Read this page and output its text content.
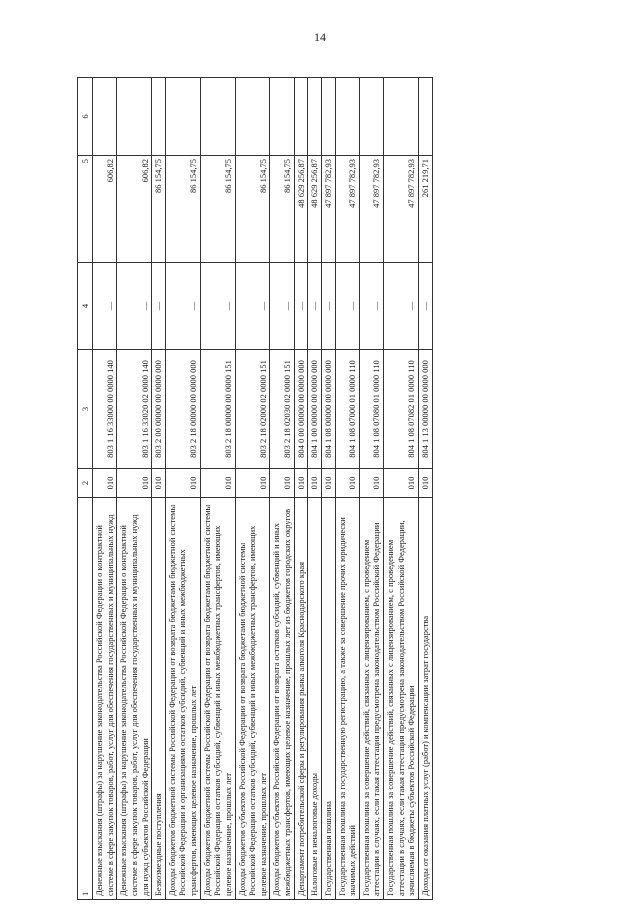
14
1	2	3	4	5	6
Денежные взыскания (штрафы) за нарушение законодательства Российской Федерации о контрактной системе в сфере закупок товаров, работ, услуг для обеспечения государственных и муниципальных нужд	010	803 1 16 33000 00 0000 140	—	606,82	
Денежные взыскания (штрафы) за нарушение законодательства Российской Федерации о контрактной системе в сфере закупок товаров, работ, услуг для обеспечения государственных и муниципальных нужд для нужд субъектов Российской Федерации	010	803 1 16 33020 02 0000 140	—	606,82	
Безвозмездные поступления	010	803 2 00 00000 00 0000 000	—	86 154,75	
Доходы бюджетов бюджетной системы Российской Федерации от возврата бюджетами бюджетной системы Российской Федерации и организациями остатков субсидий, субвенций и иных межбюджетных трансфертов, имеющих целевое назначение, прошлых лет	010	803 2 18 00000 00 0000 000	—	86 154,75	
Доходы бюджетов бюджетной системы Российской Федерации от возврата бюджетами бюджетной системы Российской Федерации остатков субсидий, субвенций и иных межбюджетных трансфертов, имеющих целевое назначение, прошлых лет	010	803 2 18 00000 00 0000 151	—	86 154,75	
Доходы бюджетов субъектов Российской Федерации от возврата бюджетами бюджетной системы Российской Федерации остатков субсидий, субвенций и иных межбюджетных трансфертов, имеющих целевое назначение, прошлых лет	010	803 2 18 02000 02 0000 151	—	86 154,75	
Доходы бюджетов субъектов Российской Федерации от возврата остатков субсидий, субвенций и иных межбюджетных трансфертов, имеющих целевое назначение, прошлых лет из бюджетов городских округов	010	803 2 18 02030 02 0000 151	—	86 154,75	
Департамент потребительской сферы и регулирования рынка алкоголя Краснодарского края	010	804 0 00 00000 00 0000 000	—	48 629 256,87	
Налоговые и неналоговые доходы	010	804 1 00 00000 00 0000 000	—	48 629 256,87	
Государственная пошлина	010	804 1 08 00000 00 0000 000	—	47 897 782,93	
Государственная пошлина за государственную регистрацию, а также за совершение прочих юридически значимых действий	010	804 1 08 07000 01 0000 110	—	47 897 782,93	
Государственная пошлина за совершение действий, связанных с лицензированием, с проведением аттестации в случаях, если такая аттестация предусмотрена законодательством Российской Федерации	010	804 1 08 07080 01 0000 110	—	47 897 782,93	
Государственная пошлина за совершение действий, связанных с лицензированием, с проведением аттестации в случаях, если такая аттестация предусмотрена законодательством Российской Федерации, зачисляемая в бюджеты субъектов Российской Федерации	010	804 1 08 07082 01 0000 110	—	47 897 782,93	
Доходы от оказания платных услуг (работ) и компенсации затрат государства	010	804 1 13 00000 00 0000 000	—	261 219,71	
